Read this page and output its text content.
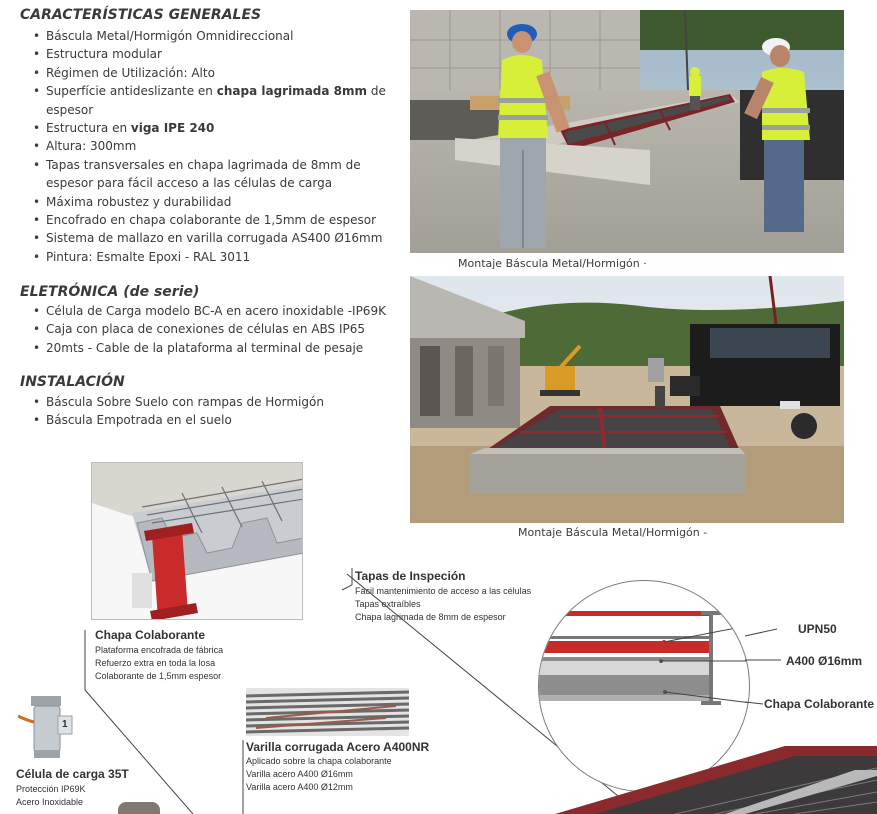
CARACTERÍSTICAS GENERALES
• Báscula Metal/Hormigón Omnidireccional
• Estructura modular
• Régimen de Utilización: Alto
• Superfície antideslizante en chapa lagrimada 8mm de
espesor
• Estructura en viga IPE 240
• Altura: 300mm
• Tapas transversales en chapa lagrimada de 8mm de
espesor para fácil acceso a las células de carga
• Máxima robustez y durabilidad
• Encofrado en chapa colaborante de 1,5mm de espesor
• Sistema de mallazo en varilla corrugada AS400 Ø16mm
• Pintura: Esmalte Epoxi - RAL 3011
ELETRÓNICA (de serie)
• Célula de Carga modelo BC-A en acero inoxidable -IP69K
• Caja con placa de conexiones de células en ABS IP65
• 20mts - Cable de la plataforma al terminal de pesaje
INSTALACIÓN
• Báscula Sobre Suelo con rampas de Hormigón
• Báscula Empotrada en el suelo
Montaje Báscula Metal/Hormigón ·
Montaje Báscula Metal/Hormigón -
Chapa Colaborante
Plataforma encofrada de fábrica
Refuerzo extra en toda la losa
Colaborante de 1,5mm espesor
Tapas de Inspeción
Fácil mantenimiento de acceso a las células
Tapas extraíbles
Chapa lagrimada de 8mm de espesor
UPN50
A400 Ø16mm
Chapa Colaborante
Varilla corrugada Acero A400NR
Aplicado sobre la chapa colaborante
Varilla acero A400 Ø16mm
Varilla acero A400 Ø12mm
1
Célula de carga 35T
Protección IP69K
Acero Inoxidable
